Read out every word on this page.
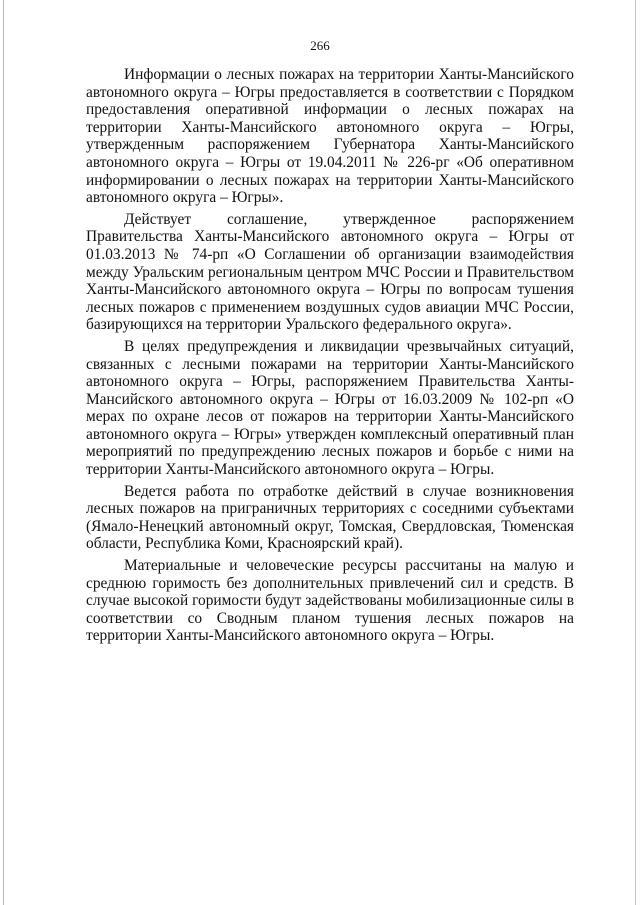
266

Информации о лесных пожарах на территории Ханты-Мансийского автономного округа – Югры предоставляется в соответствии с Порядком предоставления оперативной информации о лесных пожарах на территории Ханты-Мансийского автономного округа – Югры, утвержденным распоряжением Губернатора Ханты-Мансийского автономного округа – Югры от 19.04.2011 № 226-рг «Об оперативном информировании о лесных пожарах на территории Ханты-Мансийского автономного округа – Югры».

Действует соглашение, утвержденное распоряжением Правительства Ханты-Мансийского автономного округа – Югры от 01.03.2013 № 74-рп «О Соглашении об организации взаимодействия между Уральским региональным центром МЧС России и Правительством Ханты-Мансийского автономного округа – Югры по вопросам тушения лесных пожаров с применением воздушных судов авиации МЧС России, базирующихся на территории Уральского федерального округа».

В целях предупреждения и ликвидации чрезвычайных ситуаций, связанных с лесными пожарами на территории Ханты-Мансийского автономного округа – Югры, распоряжением Правительства Ханты-Мансийского автономного округа – Югры от 16.03.2009 № 102-рп «О мерах по охране лесов от пожаров на территории Ханты-Мансийского автономного округа – Югры» утвержден комплексный оперативный план мероприятий по предупреждению лесных пожаров и борьбе с ними на территории Ханты-Мансийского автономного округа – Югры.

Ведется работа по отработке действий в случае возникновения лесных пожаров на приграничных территориях с соседними субъектами (Ямало-Ненецкий автономный округ, Томская, Свердловская, Тюменская области, Республика Коми, Красноярский край).

Материальные и человеческие ресурсы рассчитаны на малую и среднюю горимость без дополнительных привлечений сил и средств. В случае высокой горимости будут задействованы мобилизационные силы в соответствии со Сводным планом тушения лесных пожаров на территории Ханты-Мансийского автономного округа – Югры.
